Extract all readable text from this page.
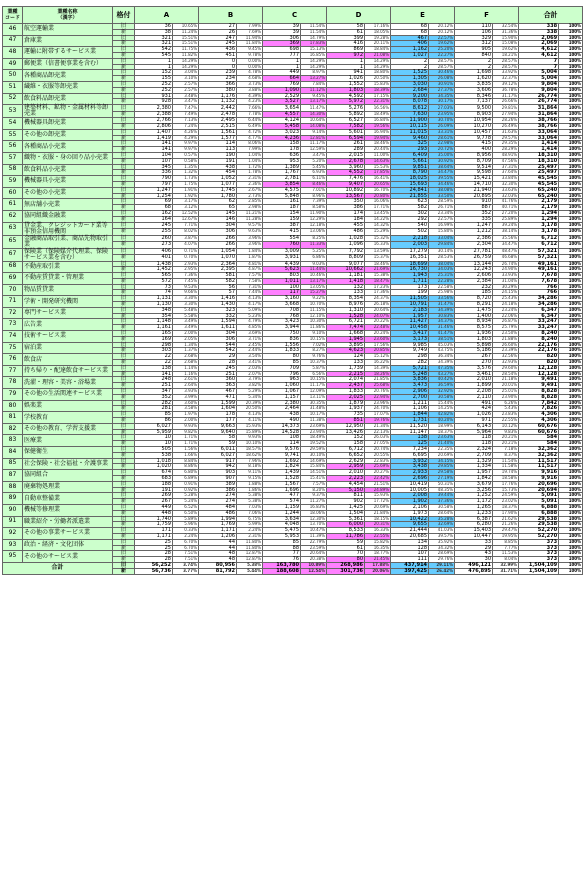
業種
コード	業種名称
（漢字）	格付	A		B		C		D		E		F		合計	
46	航空運輸業	旧	36	10.65%	27	7.99%	39	11.54%	58	17.16%	68	20.12%	110	32.54%	338	100%
		新	38	11.24%	26	7.69%	39	11.54%	61	18.05%	68	20.12%	106	31.36%	338	100%
47	倉庫業	旧	321	15.51%	247	11.94%	306	14.79%	399	19.28%	467	22.57%	329	15.90%	2,069	100%
		新	321	15.51%	245	11.84%	369	17.83%	416	20.11%	406	19.62%	312	15.08%	2,069	100%
48	運輸に附帯するサービス業	旧	542	11.75%	436	9.45%	698	15.13%	869	18.84%	1,162	25.20%	905	19.62%	4,612	100%
		新	545	11.82%	451	9.78%	777	16.85%	972	21.08%	1,027	22.27%	840	18.21%	4,612	100%
49	郵便業（信書便事業を含む）	旧	1	14.29%	0	0.00%	1	14.29%	1	14.29%	2	28.57%	2	28.57%	7	100%
		新	1	14.29%	0	0.00%	1	14.29%	1	14.29%	2	28.57%	2	28.57%	7	100%
50	各種商品卸売業	旧	152	3.04%	239	4.78%	449	8.97%	941	18.80%	1,525	30.46%	1,698	33.92%	5,004	100%
		新	155	3.10%	234	4.68%	664	13.27%	1,026	20.50%	1,305	26.08%	1,620	32.37%	5,004	100%
51	繊維・衣服等卸売業	旧	252	2.57%	366	3.73%	769	7.84%	1,552	15.83%	3,030	30.91%	3,835	39.12%	9,804	100%
		新	252	2.57%	380	3.88%	1,090	11.12%	1,803	18.39%	2,684	27.37%	3,606	36.78%	9,804	100%
52	飲食料品卸売業	旧	931	3.48%	1,176	4.39%	2,529	9.45%	4,592	17.15%	9,200	34.35%	8,346	31.17%	26,774	100%
		新	928	3.47%	1,132	4.23%	3,527	13.17%	5,972	22.31%	8,078	30.17%	7,137	26.66%	26,774	100%
53	建築材料、鉱物・金属材料等卸売業	旧	2,380	7.47%	2,442	7.66%	3,654	11.47%	5,276	16.56%	8,612	27.03%	9,500	29.81%	31,864	100%
		新	2,388	7.49%	2,478	7.78%	4,557	14.30%	5,892	18.49%	7,630	23.95%	8,903	27.94%	31,864	100%
54	機械器具卸売業	旧	2,766	7.13%	2,495	6.44%	4,124	10.64%	6,527	16.84%	11,900	30.70%	10,954	28.26%	38,766	100%
		新	2,806	7.24%	2,515	6.49%	5,458	14.08%	7,582	19.56%	10,115	26.09%	10,270	26.49%	38,766	100%
55	その他の卸売業	旧	1,407	4.26%	1,561	4.72%	3,023	9.14%	5,601	16.94%	11,015	33.31%	10,457	31.63%	33,064	100%
		新	1,419	4.29%	1,577	4.77%	4,236	12.81%	6,594	19.94%	9,460	28.61%	9,778	29.57%	33,064	100%
56	各種商品小売業	旧	141	9.97%	114	8.06%	158	11.17%	261	18.46%	325	22.98%	415	29.35%	1,414	100%
		新	141	9.97%	113	7.99%	178	12.59%	289	20.44%	293	20.72%	400	28.29%	1,414	100%
57	織物・衣服・身の回り品小売業	旧	104	0.57%	190	1.04%	636	3.47%	2,015	11.00%	6,409	35.00%	8,956	48.91%	18,310	100%
		新	107	0.58%	191	1.04%	953	5.20%	2,678	14.63%	5,661	30.92%	8,709	47.56%	18,310	100%
58	飲食料品小売業	旧	345	1.35%	438	1.72%	1,389	5.45%	3,960	15.53%	9,851	38.64%	9,514	37.31%	25,497	100%
		新	336	1.32%	454	1.78%	1,767	6.93%	4,552	17.85%	8,790	34.47%	9,598	37.64%	25,497	100%
59	機械器具小売業	旧	790	1.73%	1,052	2.31%	2,781	6.11%	7,476	16.41%	18,025	39.55%	15,421	33.84%	45,545	100%
		新	797	1.75%	1,077	2.36%	3,854	8.46%	9,407	20.65%	15,693	34.46%	14,710	32.30%	45,545	100%
60	その他の小売業	旧	1,247	1.91%	1,745	2.67%	4,575	7.01%	10,892	16.70%	24,841	38.08%	21,940	33.63%	65,240	100%
		新	1,254	1.92%	1,780	2.73%	5,848	8.96%	13,567	20.80%	21,855	33.50%	20,895	32.03%	65,240	100%
61	無店舗小売業	旧	69	3.17%	62	2.85%	161	7.39%	350	16.06%	623	28.59%	910	41.76%	2,179	100%
		新	68	3.12%	65	2.98%	187	8.58%	386	17.71%	582	26.71%	887	40.71%	2,179	100%
62	協同組織金融業	旧	162	12.52%	145	11.21%	154	11.90%	174	13.45%	302	23.34%	352	27.20%	1,294	100%
		新	164	12.67%	146	11.28%	159	12.29%	184	14.22%	292	22.57%	335	25.89%	1,294	100%
63	貸金業、クレジットカード業等非預金信用機関	旧	245	7.71%	304	9.57%	387	12.18%	455	14.32%	540	16.99%	1,247	39.24%	3,178	100%
		新	255	8.02%	306	9.63%	415	13.06%	486	15.29%	502	15.80%	1,212	38.14%	3,178	100%
65	金融商品取引業、商品先物取引業	旧	260	3.87%	266	3.96%	554	8.25%	1,028	15.32%	2,218	33.04%	2,386	35.56%	6,712	100%
		新	273	4.07%	266	3.96%	760	11.33%	1,096	16.33%	2,003	29.84%	2,304	34.47%	6,712	100%
67	保険業（保険媒介代理業、保険サービス業を含む）	旧	406	0.71%	1,054	1.84%	3,009	5.25%	7,792	13.59%	17,279	30.14%	27,781	48.47%	57,321	100%
		新	401	0.70%	1,070	1.87%	3,931	6.86%	8,809	15.37%	16,351	28.53%	26,759	46.68%	57,321	100%
68	不動産取引業	旧	1,438	2.93%	2,364	4.81%	4,439	9.03%	9,077	18.46%	18,699	38.04%	13,144	26.74%	49,161	100%
		新	1,452	2.95%	2,395	4.87%	5,623	11.44%	10,662	21.69%	16,730	34.03%	12,243	24.90%	49,161	100%
69	不動産賃貸業・管理業	旧	565	7.36%	581	7.57%	803	10.46%	1,181	15.38%	1,943	25.31%	2,606	33.93%	7,678	100%
		新	572	7.45%	582	7.58%	1,011	13.17%	1,418	18.47%	1,711	22.28%	2,384	31.04%	7,678	100%
70	物品賃貸業	旧	73	9.53%	56	7.31%	100	13.05%	132	17.23%	173	22.58%	232	30.29%	766	100%
		新	74	9.66%	57	7.44%	117	15.27%	133	17.36%	199	25.98%	185	24.15%	766	100%
71	学術・開発研究機関	旧	1,131	3.30%	1,416	4.13%	3,160	9.22%	8,354	24.37%	11,505	33.56%	8,720	25.43%	34,286	100%
		新	1,130	3.30%	1,430	4.17%	3,668	10.70%	8,976	26.18%	10,791	31.47%	8,291	24.18%	34,286	100%
72	専門サービス業	旧	348	5.48%	323	5.09%	708	11.15%	1,310	20.64%	2,183	34.39%	1,475	23.24%	6,347	100%
		新	354	5.58%	332	5.23%	768	12.10%	1,528	24.07%	1,957	30.83%	1,400	22.06%	6,347	100%
73	広告業	旧	1,148	3.49%	1,594	4.79%	3,423	10.30%	6,721	20.22%	11,427	34.37%	8,934	26.87%	33,247	100%
		新	1,161	3.49%	1,611	4.85%	3,944	11.86%	7,474	22.48%	10,458	31.46%	8,575	25.79%	33,247	100%
74	技術サービス業	旧	165	2.00%	304	3.69%	750	9.10%	1,668	20.24%	3,417	41.47%	1,936	23.50%	8,240	100%
		新	169	2.05%	306	3.71%	836	10.15%	1,945	23.60%	3,173	38.51%	1,803	21.88%	8,240	100%
75	宿泊業	旧	298	1.34%	544	2.45%	1,556	7.02%	3,895	17.56%	9,985	45.03%	5,898	26.60%	22,176	100%
		新	303	1.37%	542	2.44%	1,833	8.27%	4,623	20.85%	9,749	43.75%	5,186	23.39%	22,176	100%
76	飲食店	旧	22	2.68%	29	3.54%	80	9.76%	124	15.12%	298	36.34%	267	32.56%	820	100%
		新	22	2.68%	28	3.41%	85	10.37%	133	16.22%	282	34.39%	270	32.93%	820	100%
77	持ち帰り・配達飲食サービス業	旧	138	1.14%	245	2.03%	709	5.87%	1,739	14.39%	5,721	47.35%	3,576	29.60%	12,128	100%
		新	141	1.16%	251	2.07%	796	6.56%	2,215	18.26%	5,248	43.27%	3,461	28.54%	12,128	100%
78	洗濯・理容・美容・浴場業	旧	248	2.61%	360	3.79%	963	10.15%	2,074	21.85%	3,836	40.42%	2,010	21.18%	9,491	100%
		新	251	2.64%	363	3.82%	1,060	11.17%	2,437	25.68%	3,473	36.59%	1,899	20.01%	9,491	100%
79	その他の生活関連サービス業	旧	347	3.93%	467	5.29%	1,067	12.09%	1,833	20.76%	2,906	32.92%	2,208	25.01%	8,828	100%
		新	352	3.99%	471	5.34%	1,157	13.11%	2,025	22.94%	2,700	30.58%	2,110	23.90%	8,828	100%
80	娯楽業	旧	282	3.60%	1,599	20.39%	2,380	30.35%	1,879	23.96%	1,211	15.44%	491	6.26%	7,842	100%
		新	281	3.58%	1,604	20.50%	2,464	31.48%	1,937	24.70%	1,106	14.25%	424	5.43%	7,826	100%
81	学校教育	旧	85	1.97%	178	4.13%	438	10.17%	735	17.07%	1,844	42.82%	1,026	23.83%	4,306	100%
		新	86	2.00%	177	4.11%	490	11.38%	851	19.76%	1,731	40.20%	971	22.55%	4,306	100%
82	その他の教育、学習支援業	旧	6,027	9.93%	9,663	15.93%	14,373	23.69%	12,950	21.34%	11,520	18.99%	6,143	10.12%	60,676	100%
		新	5,959	9.82%	9,640	15.89%	14,528	23.94%	13,426	22.13%	11,147	18.37%	5,964	9.83%	60,676	100%
83	医療業	旧	10	1.71%	58	9.93%	108	18.49%	152	26.03%	138	23.63%	118	20.21%	584	100%
		新	10	1.71%	59	10.10%	114	19.52%	158	27.05%	125	21.40%	118	20.21%	584	100%
84	保健衛生	旧	505	1.56%	6,011	18.57%	9,576	29.59%	6,712	20.74%	7,234	22.35%	2,324	7.18%	32,362	100%
		新	538	1.66%	6,027	18.62%	9,741	30.10%	6,652	20.55%	6,695	20.69%	2,709	8.37%	32,362	100%
85	社会保険・社会福祉・介護事業	旧	1,018	8.84%	917	7.96%	1,692	14.69%	2,629	22.83%	3,932	34.15%	1,329	11.54%	11,517	100%
		新	1,020	8.86%	942	8.18%	1,824	15.84%	2,959	25.69%	3,438	29.85%	1,334	11.58%	11,517	100%
87	協同組合	旧	674	6.80%	903	9.11%	1,439	14.51%	2,010	20.27%	2,933	29.58%	1,957	19.74%	9,916	100%
		新	683	6.89%	907	9.15%	1,528	15.41%	2,223	22.42%	2,696	27.19%	1,842	18.58%	9,916	100%
88	廃棄物処理業	旧	188	0.91%	389	1.88%	1,567	7.57%	4,454	21.51%	10,419	50.31%	3,679	17.76%	20,696	100%
		新	191	0.92%	386	1.86%	1,696	8.20%	5,150	24.89%	10,005	48.35%	3,256	15.73%	20,694	100%
89	自動車整備業	旧	269	5.28%	274	5.38%	477	9.37%	811	15.93%	2,008	39.44%	1,252	24.59%	5,091	100%
		新	267	5.24%	274	5.38%	574	11.27%	902	17.72%	1,902	37.36%	1,172	23.02%	5,091	100%
90	機械等修理業	旧	449	6.52%	484	7.03%	1,159	16.83%	1,425	20.69%	2,106	30.58%	1,265	18.37%	6,888	100%
		新	448	6.50%	486	7.06%	1,244	18.06%	1,504	21.84%	1,973	28.64%	1,233	17.90%	6,888	100%
91	職業紹介・労働者派遣業	旧	1,740	5.89%	1,994	6.75%	3,634	12.30%	5,361	18.15%	10,422	35.28%	6,387	21.62%	29,538	100%
		新	1,759	5.96%	1,769	5.99%	4,048	13.70%	6,000	20.31%	9,655	32.69%	6,280	21.26%	29,538	100%
92	その他の事業サービス業	旧	171	0.33%	1,171	2.24%	5,475	10.47%	8,533	16.33%	21,444	41.03%	15,403	29.47%	52,270	100%
		新	1,171	2.24%	1,206	2.31%	5,953	11.39%	11,786	22.55%	20,685	39.57%	10,447	19.95%	52,270	100%
93	政治・経済・文化団体	旧	25	6.70%	44	11.80%	85	22.79%	59	15.82%	134	35.92%	33	8.85%	373	100%
		新	25	6.70%	44	11.80%	88	23.59%	61	16.35%	128	34.32%	29	7.77%	373	100%
95	その他のサービス業	旧	28	7.51%	48	12.87%	77	20.64%	70	18.77%	107	28.69%	43	11.53%	373	100%
		新	28	7.51%	48	12.87%	76	20.38%	80	21.45%	111	29.76%	30	8.04%	373	100%
合計		旧	56,252	3.74%	80,956	5.38%	163,780	10.89%	268,986	17.88%	437,914	29.11%	496,121	32.99%	1,504,109	100%
		新	56,736	3.77%	81,792	5.44%	188,608	12.54%	301,736	20.06%	397,425	26.42%	476,895	31.71%	1,504,109	100%
